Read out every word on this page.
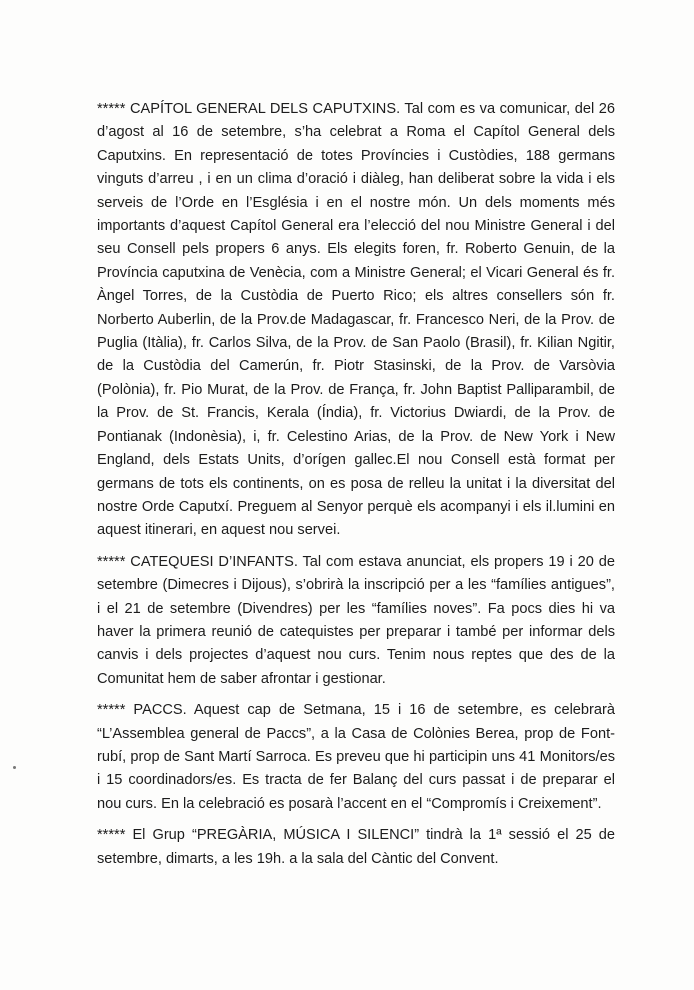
***** CAPÍTOL GENERAL DELS CAPUTXINS. Tal com es va comunicar, del 26 d’agost al 16 de setembre, s’ha celebrat a Roma el Capítol General dels Caputxins. En representació de totes Províncies i Custòdies, 188 germans vinguts d’arreu , i en un clima d’oració i diàleg, han deliberat sobre la vida i els serveis de l’Orde en l’Església i en el nostre món. Un dels moments més importants d’aquest Capítol General era l’elecció del nou Ministre General i del seu Consell pels propers 6 anys. Els elegits foren, fr. Roberto Genuin, de la Província caputxina de Venècia, com a Ministre General; el Vicari General és fr. Àngel Torres, de la Custòdia de Puerto Rico; els altres consellers són fr. Norberto Auberlin, de la Prov.de Madagascar, fr. Francesco Neri, de la Prov. de Puglia (Itàlia), fr. Carlos Silva, de la Prov. de San Paolo (Brasil), fr. Kilian Ngitir, de la Custòdia del Camerún, fr. Piotr Stasinski, de la Prov. de Varsòvia (Polònia), fr. Pio Murat, de la Prov. de França, fr. John Baptist Palliparambil, de la Prov. de St. Francis, Kerala (Índia), fr. Victorius Dwiardi, de la Prov. de Pontianak (Indonèsia), i, fr. Celestino Arias, de la Prov. de New York i New England, dels Estats Units, d’orígen gallec.El nou Consell està format per germans de tots els continents, on es posa de relleu la unitat i la diversitat del nostre Orde Caputxí. Preguem al Senyor perquè els acompanyi i els il.lumini en aquest itinerari, en aquest nou servei.

***** CATEQUESI D’INFANTS. Tal com estava anunciat, els propers 19 i 20 de setembre (Dimecres i Dijous), s’obrirà la inscripció per a les “famílies antigues”, i el 21 de setembre (Divendres) per les “famílies noves”. Fa pocs dies hi va haver la primera reunió de catequistes per preparar i també per informar dels canvis i dels projectes d’aquest nou curs. Tenim nous reptes que des de la Comunitat hem de saber afrontar i gestionar.

***** PACCS. Aquest cap de Setmana, 15 i 16 de setembre, es celebrarà “L’Assemblea general de Paccs”, a la Casa de Colònies Berea, prop de Font-rubí, prop de Sant Martí Sarroca. Es preveu que hi participin uns 41 Monitors/es i 15 coordinadors/es. Es tracta de fer Balanç del curs passat i de preparar el nou curs. En la celebració es posarà l’accent en el “Compromís i Creixement”.

***** El Grup “PREGÀRIA, MÚSICA I SILENCI” tindrà la 1ª sessió el 25 de setembre, dimarts, a les 19h. a la sala del Càntic del Convent.
